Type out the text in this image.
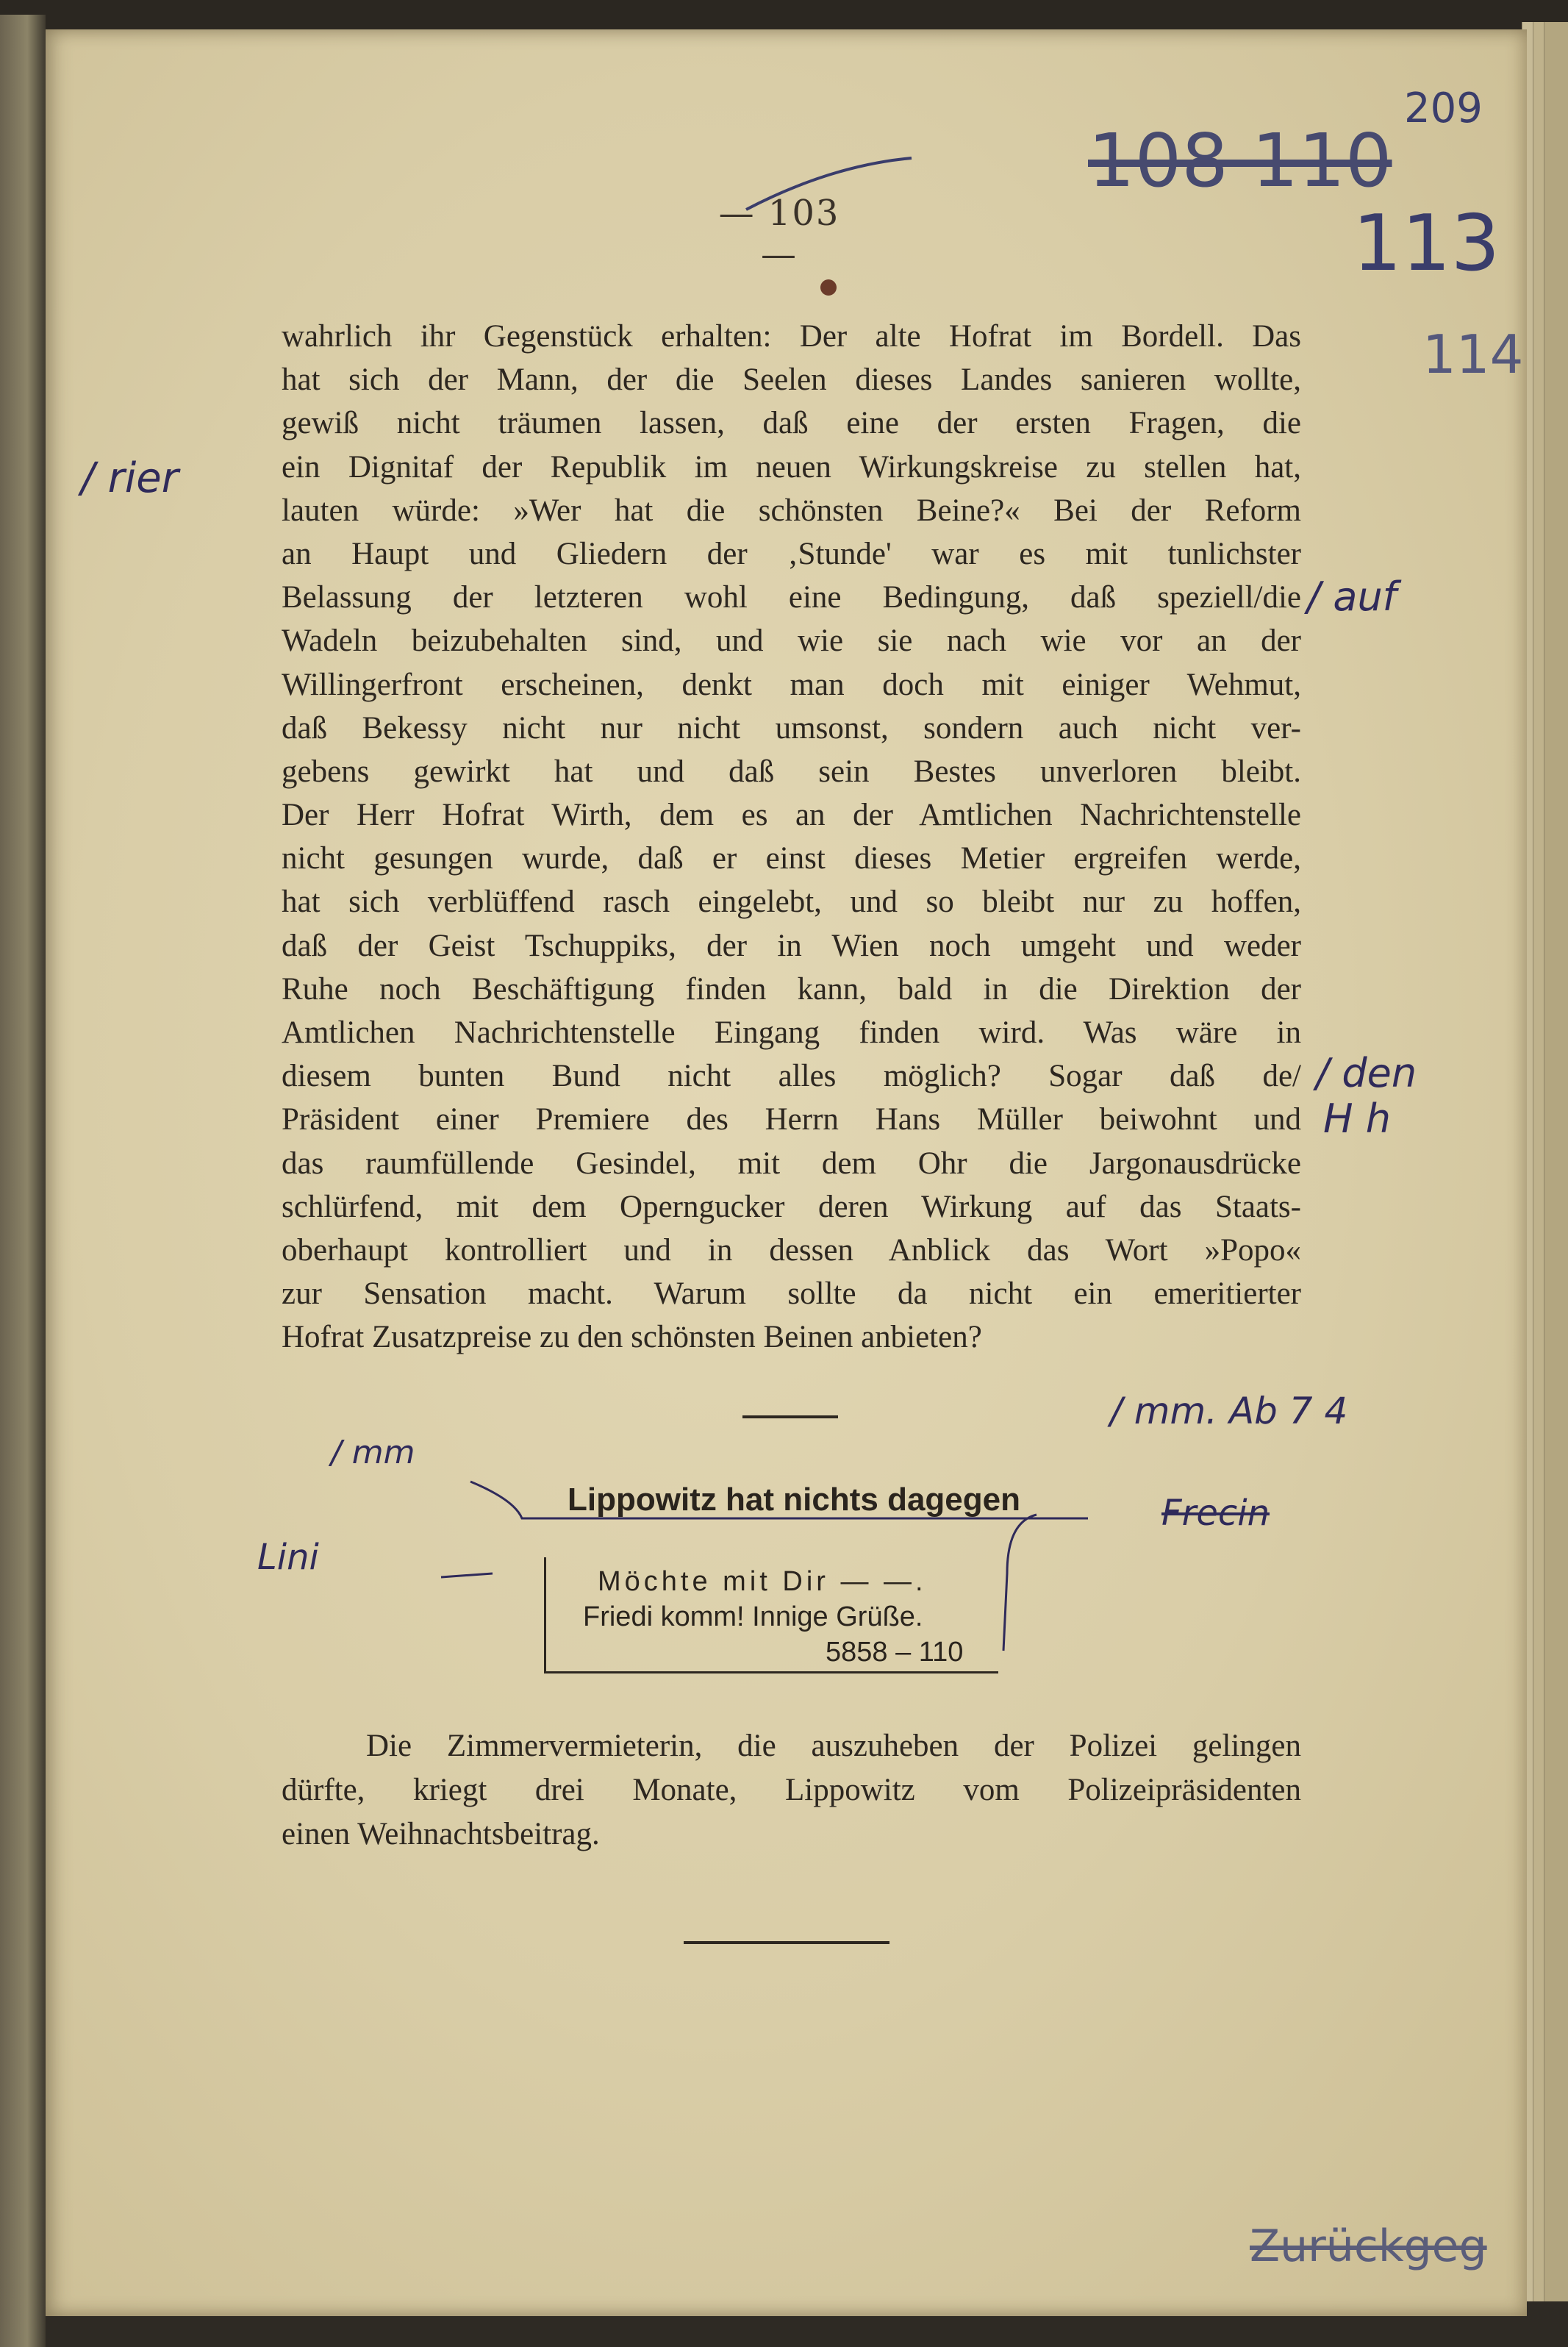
209
108 110
113
114
— 103 —
/ rier
/ auf
/ den
H h
wahrlich ihr Gegenstück erhalten: Der alte Hofrat im Bordell. Das
hat sich der Mann, der die Seelen dieses Landes sanieren wollte,
gewiß nicht träumen lassen, daß eine der ersten Fragen, die
ein Dignitaf der Republik im neuen Wirkungskreise zu stellen hat,
lauten würde: »Wer hat die schönsten Beine?« Bei der Reform
an Haupt und Gliedern der ‚Stunde' war es mit tunlichster
Belassung der letzteren wohl eine Bedingung, daß speziell/die
Wadeln beizubehalten sind, und wie sie nach wie vor an der
Willingerfront erscheinen, denkt man doch mit einiger Wehmut,
daß Bekessy nicht nur nicht umsonst, sondern auch nicht ver-
gebens gewirkt hat und daß sein Bestes unverloren bleibt.
Der Herr Hofrat Wirth, dem es an der Amtlichen Nachrichtenstelle
nicht gesungen wurde, daß er einst dieses Metier ergreifen werde,
hat sich verblüffend rasch eingelebt, und so bleibt nur zu hoffen,
daß der Geist Tschuppiks, der in Wien noch umgeht und weder
Ruhe noch Beschäftigung finden kann, bald in die Direktion der
Amtlichen Nachrichtenstelle Eingang finden wird. Was wäre in
diesem bunten Bund nicht alles möglich? Sogar daß de/
Präsident einer Premiere des Herrn Hans Müller beiwohnt und
das raumfüllende Gesindel, mit dem Ohr die Jargonausdrücke
schlürfend, mit dem Operngucker deren Wirkung auf das Staats-
oberhaupt kontrolliert und in dessen Anblick das Wort »Popo«
zur Sensation macht. Warum sollte da nicht ein emeritierter
Hofrat Zusatzpreise zu den schönsten Beinen anbieten?
/ mm. Ab 7 4
/ mm
Lini
Lippowitz hat nichts dagegen	Frecin
Möchte mit Dir — —.
Friedi komm! Innige Grüße.
5858 – 110
Die Zimmervermieterin, die auszuheben der Polizei gelingen
dürfte, kriegt drei Monate, Lippowitz vom Polizeipräsidenten
einen Weihnachtsbeitrag.
Zurückgeg
